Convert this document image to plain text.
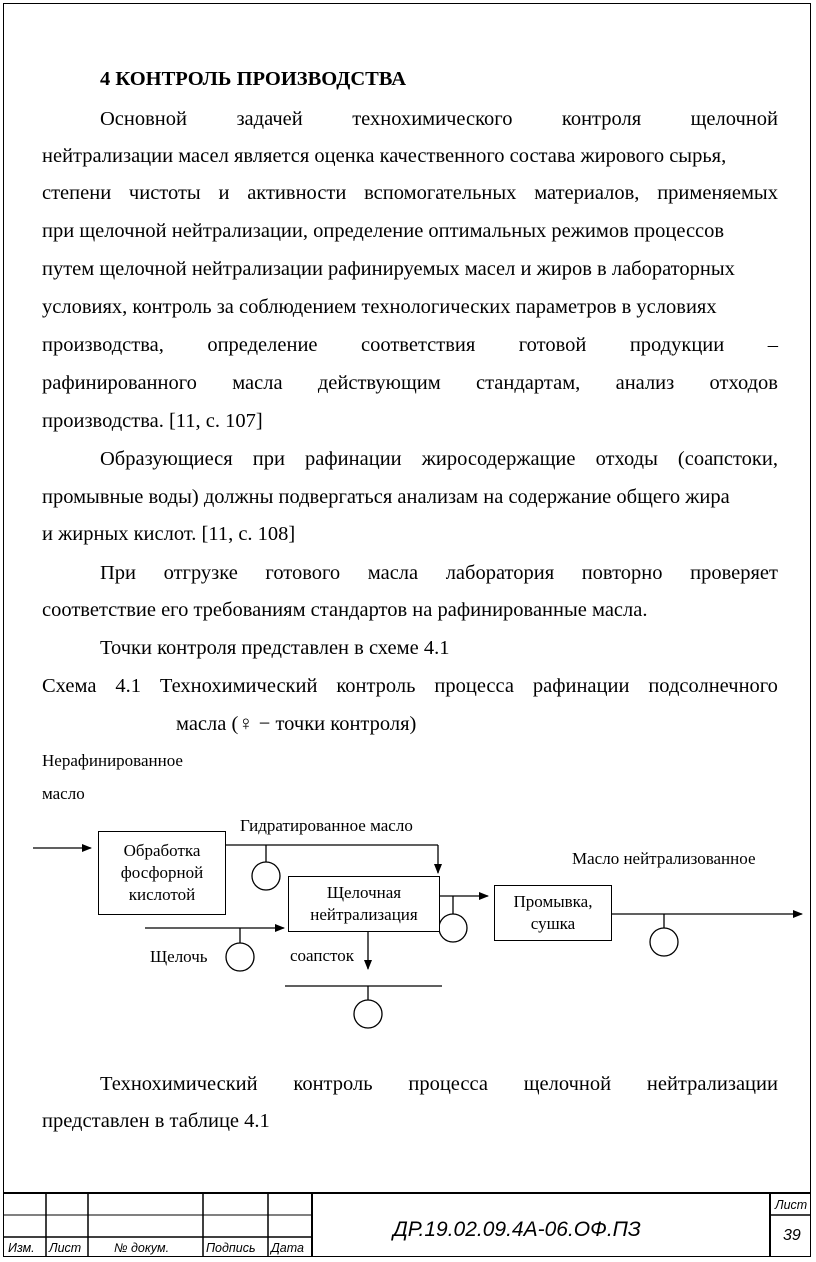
4 КОНТРОЛЬ ПРОИЗВОДСТВА
Основной задачей технохимического контроля щелочной
нейтрализации масел является оценка качественного состава жирового сырья,
степени чистоты и активности вспомогательных материалов, применяемых
при щелочной нейтрализации, определение оптимальных режимов процессов
путем щелочной нейтрализации рафинируемых масел и жиров в лабораторных
условиях, контроль за соблюдением технологических параметров в условиях
производства, определение соответствия готовой продукции –
рафинированного масла действующим стандартам, анализ отходов
производства. [11, с. 107]
Образующиеся при рафинации жиросодержащие отходы (соапстоки,
промывные воды) должны подвергаться анализам на содержание общего жира
и жирных кислот. [11, с. 108]
При отгрузке готового масла лаборатория повторно проверяет
соответствие его требованиям стандартов на рафинированные масла.
Точки контроля представлен в схеме 4.1
Схема 4.1 Технохимический контроль процесса рафинации подсолнечного
масла (♀ − точки контроля)
Нерафинированное
масло
Обработка
фосфорной
кислотой
Гидратированное масло
Щелочная
нейтрализация
Промывка,
сушка
Масло нейтрализованное
Щелочь	соапсток
Технохимический контроль процесса щелочной нейтрализации
представлен в таблице 4.1
Изм. Лист	№ докум.	Подпись Дата
ДР.19.02.09.4А-06.ОФ.ПЗ
Лист
39
